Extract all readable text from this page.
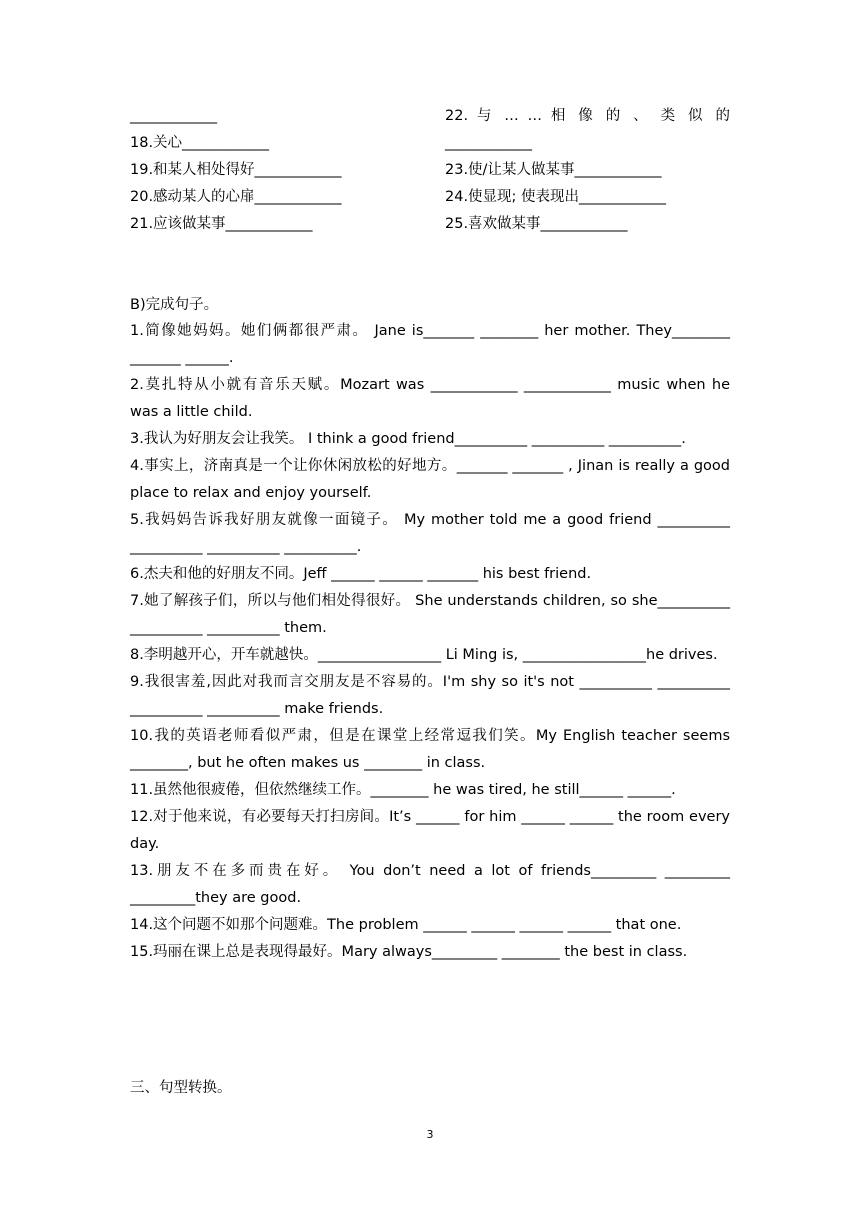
____________	22. 与 … … 相 像 的 、 类 似 的
18.关心____________	____________
19.和某人相处得好____________	23.使/让某人做某事____________
20.感动某人的心扉____________	24.使显现; 使表现出____________
21.应该做某事____________	25.喜欢做某事____________
B)完成句子。

1.简像她妈妈。她们俩都很严肃。 Jane is_______ ________ her mother. They________ _______ ______.

2.莫扎特从小就有音乐天赋。Mozart was ____________ ____________ music when he was a little child.

3.我认为好朋友会让我笑。 I think a good friend__________ __________ __________.

4.事实上，济南真是一个让你休闲放松的好地方。_______ _______ , Jinan is really a good place to relax and enjoy yourself.

5.我妈妈告诉我好朋友就像一面镜子。 My mother told me a good friend __________ __________ __________ __________.

6.杰夫和他的好朋友不同。Jeff ______ ______ _______ his best friend.

7.她了解孩子们，所以与他们相处得很好。 She understands children, so she__________ __________ __________ them.

8.李明越开心，开车就越快。_________________ Li Ming is, _________________he drives.

9.我很害羞,因此对我而言交朋友是不容易的。I'm shy so it's not __________ __________ __________ __________ make friends.

10.我的英语老师看似严肃，但是在课堂上经常逗我们笑。My English teacher seems ________, but he often makes us ________ in class.

11.虽然他很疲倦，但依然继续工作。________ he was tired, he still______ ______.

12.对于他来说，有必要每天打扫房间。It’s ______ for him ______ ______ the room every day.

13.朋友不在多而贵在好。 You don’t need a lot of friends_________ _________ _________they are good.

14.这个问题不如那个问题难。The problem ______ ______ ______ ______ that one.

15.玛丽在课上总是表现得最好。Mary always_________ ________ the best in class.

三、句型转换。
3
